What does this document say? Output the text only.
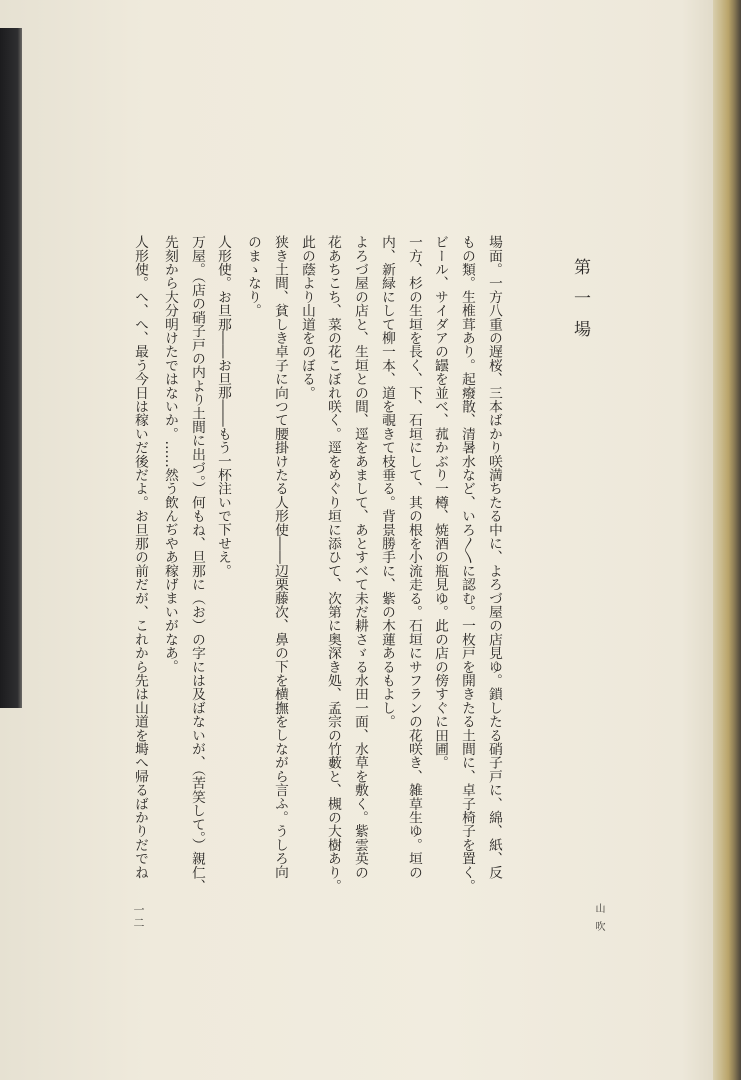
第一場
場面。一方八重の遅桜、三本ばかり咲満ちたる中に、よろづ屋の店見ゆ。鎖したる硝子戸に、綿、紙、反
もの類。生椎茸あり。起癈散、清暑水など、いろ〱に認む。一枚戸を開きたる土間に、卓子椅子を置く。
ビール、サイダアの罎を並べ、菰かぶり一樽、焼酒の瓶見ゆ。此の店の傍すぐに田圃。
一方、杉の生垣を長く、下、石垣にして、其の根を小流走る。石垣にサフランの花咲き、雑草生ゆ。垣の
内、新緑にして柳一本、道を覗きて枝垂る。背景勝手に、紫の木蓮あるもよし。
よろづ屋の店と、生垣との間、逕をあまして、あとすべて未だ耕さゞる水田一面、水草を敷く。紫雲英の
花あちこち、菜の花こぼれ咲く。逕をめぐり垣に添ひて、次第に奥深き処、孟宗の竹藪と、槻の大樹あり。
此の蔭より山道をのぼる。
狭き土間、貧しき卓子に向つて腰掛けたる人形使――辺栗藤次、鼻の下を横撫をしながら言ふ。うしろ向
のまゝなり。
人形使。お旦那――お旦那――もう一杯注いで下せえ。
万屋。（店の硝子戸の内より土間に出づ。）何もね、旦那に（お）の字には及ばないが、（苦笑して。）親仁、
先刻から大分明けたではないか。……然う飲んぢやあ稼げまいがなあ。
人形使。へ、へ、最う今日は稼いだ後だよ。お旦那の前だが、これから先は山道を塒へ帰るばかりだでね
山吹
一二
